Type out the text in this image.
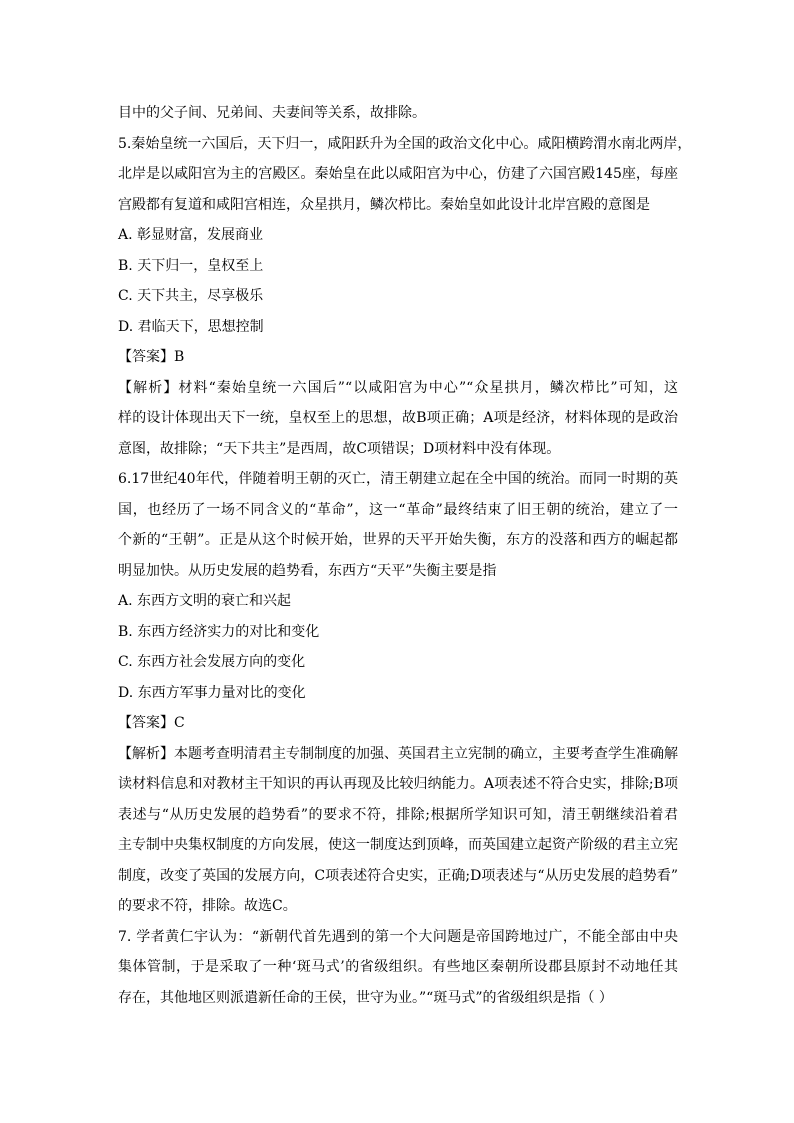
目中的父子间、兄弟间、夫妻间等关系，故排除。
5.秦始皇统一六国后，天下归一，咸阳跃升为全国的政治文化中心。咸阳横跨渭水南北两岸，
北岸是以咸阳宫为主的宫殿区。秦始皇在此以咸阳宫为中心，仿建了六国宫殿145座，每座
宫殿都有复道和咸阳宫相连，众星拱月，鳞次栉比。秦始皇如此设计北岸宫殿的意图是
A. 彰显财富，发展商业
B. 天下归一，皇权至上
C. 天下共主，尽享极乐
D. 君临天下，思想控制
【答案】B
【解析】材料“秦始皇统一六国后”“以咸阳宫为中心”“众星拱月，鳞次栉比”可知，这
样的设计体现出天下一统，皇权至上的思想，故B项正确；A项是经济，材料体现的是政治
意图，故排除；“天下共主”是西周，故C项错误；D项材料中没有体现。
6.17世纪40年代，伴随着明王朝的灭亡，清王朝建立起在全中国的统治。而同一时期的英
国，也经历了一场不同含义的“革命”，这一“革命”最终结束了旧王朝的统治，建立了一
个新的“王朝”。正是从这个时候开始，世界的天平开始失衡，东方的没落和西方的崛起都
明显加快。从历史发展的趋势看，东西方“天平”失衡主要是指
A. 东西方文明的衰亡和兴起
B. 东西方经济实力的对比和变化
C. 东西方社会发展方向的变化
D. 东西方军事力量对比的变化
【答案】C
【解析】本题考查明清君主专制制度的加强、英国君主立宪制的确立，主要考查学生准确解
读材料信息和对教材主干知识的再认再现及比较归纳能力。A项表述不符合史实，排除;B项
表述与“从历史发展的趋势看”的要求不符，排除;根据所学知识可知，清王朝继续沿着君
主专制中央集权制度的方向发展，使这一制度达到顶峰，而英国建立起资产阶级的君主立宪
制度，改变了英国的发展方向，C项表述符合史实，正确;D项表述与“从历史发展的趋势看”
的要求不符，排除。故选C。
7. 学者黄仁宇认为：“新朝代首先遇到的第一个大问题是帝国跨地过广，不能全部由中央
集体管制，于是采取了一种‘斑马式’的省级组织。有些地区秦朝所设郡县原封不动地任其
存在，其他地区则派遣新任命的王侯，世守为业。”“斑马式”的省级组织是指（ ）
